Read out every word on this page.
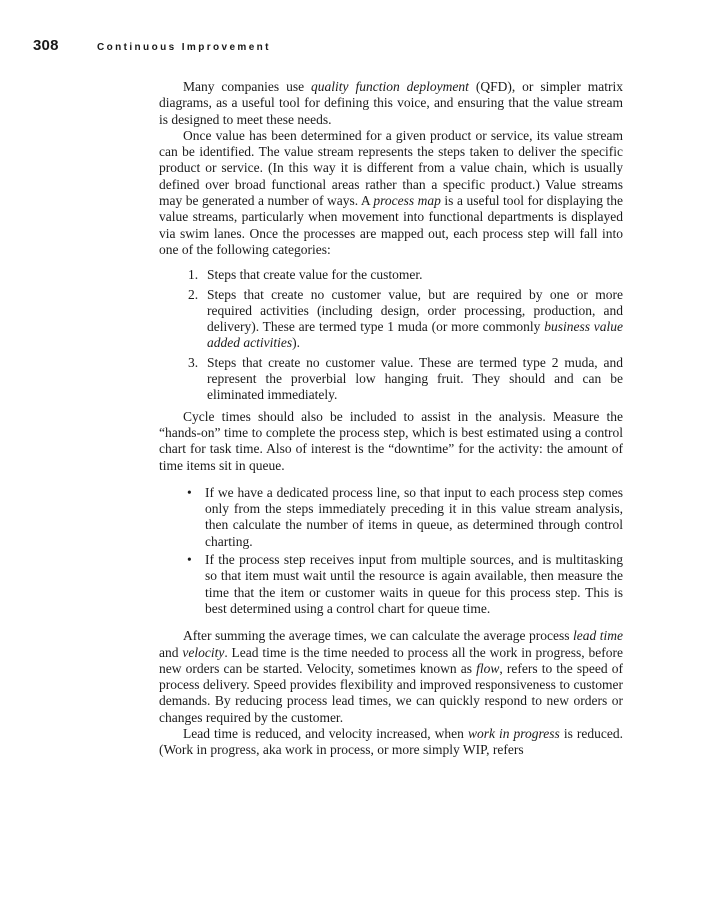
308	Continuous Improvement

Many companies use quality function deployment (QFD), or simpler matrix diagrams, as a useful tool for defining this voice, and ensuring that the value stream is designed to meet these needs.

Once value has been determined for a given product or service, its value stream can be identified. The value stream represents the steps taken to deliver the specific product or service. (In this way it is different from a value chain, which is usually defined over broad functional areas rather than a specific product.) Value streams may be generated a number of ways. A process map is a useful tool for displaying the value streams, particularly when movement into functional departments is displayed via swim lanes. Once the processes are mapped out, each process step will fall into one of the following categories:

1. Steps that create value for the customer.
2. Steps that create no customer value, but are required by one or more required activities (including design, order processing, production, and delivery). These are termed type 1 muda (or more commonly business value added activities).
3. Steps that create no customer value. These are termed type 2 muda, and represent the proverbial low hanging fruit. They should and can be eliminated immediately.

Cycle times should also be included to assist in the analysis. Measure the “hands-on” time to complete the process step, which is best estimated using a control chart for task time. Also of interest is the “downtime” for the activity: the amount of time items sit in queue.

• If we have a dedicated process line, so that input to each process step comes only from the steps immediately preceding it in this value stream analysis, then calculate the number of items in queue, as determined through control charting.
• If the process step receives input from multiple sources, and is multitasking so that item must wait until the resource is again available, then measure the time that the item or customer waits in queue for this process step. This is best determined using a control chart for queue time.

After summing the average times, we can calculate the average process lead time and velocity. Lead time is the time needed to process all the work in progress, before new orders can be started. Velocity, sometimes known as flow, refers to the speed of process delivery. Speed provides flexibility and improved responsiveness to customer demands. By reducing process lead times, we can quickly respond to new orders or changes required by the customer.

Lead time is reduced, and velocity increased, when work in progress is reduced. (Work in progress, aka work in process, or more simply WIP, refers
